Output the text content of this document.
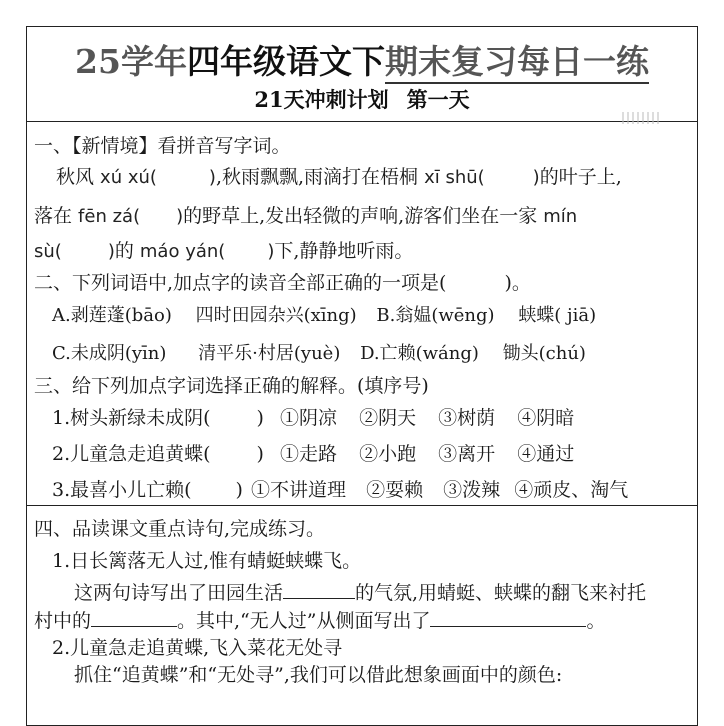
25学年四年级语文下期末复习每日一练
21天冲刺计划 第一天
一、【新情境】看拼音写字词。
秋风 xú xú(	),秋雨飘飘,雨滴打在梧桐 xī shū(	)的叶子上,
落在 fēn zá( )的野草上,发出轻微的声响,游客们坐在一家 mín
sù(	)的 máo yán( )下,静静地听雨。
二、下列词语中,加点字的读音全部正确的一项是(	)。
A.剥莲蓬(bāo) 四时田园杂兴(xīng) B.翁媪(wēng) 蛱蝶( jiā)
C.未成阴(yīn) 清平乐·村居(yuè) D.亡赖(wáng) 锄头(chú)
三、给下列加点字词选择正确的解释。(填序号)
1.树头新绿未成阴( ) ①阴凉 ②阴天 ③树荫 ④阴暗
2.儿童急走追黄蝶( ) ①走路 ②小跑 ③离开 ④通过
3.最喜小儿亡赖( ) ①不讲道理 ②耍赖 ③泼辣 ④顽皮、淘气
四、品读课文重点诗句,完成练习。
1.日长篱落无人过,惟有蜻蜓蛱蝶飞。
这两句诗写出了田园生活	的气氛,用蜻蜓、蛱蝶的翻飞来衬托
村中的	。其中,“无人过”从侧面写出了	。
2.儿童急走追黄蝶,飞入菜花无处寻
抓住“追黄蝶”和“无处寻”,我们可以借此想象画面中的颜色:
